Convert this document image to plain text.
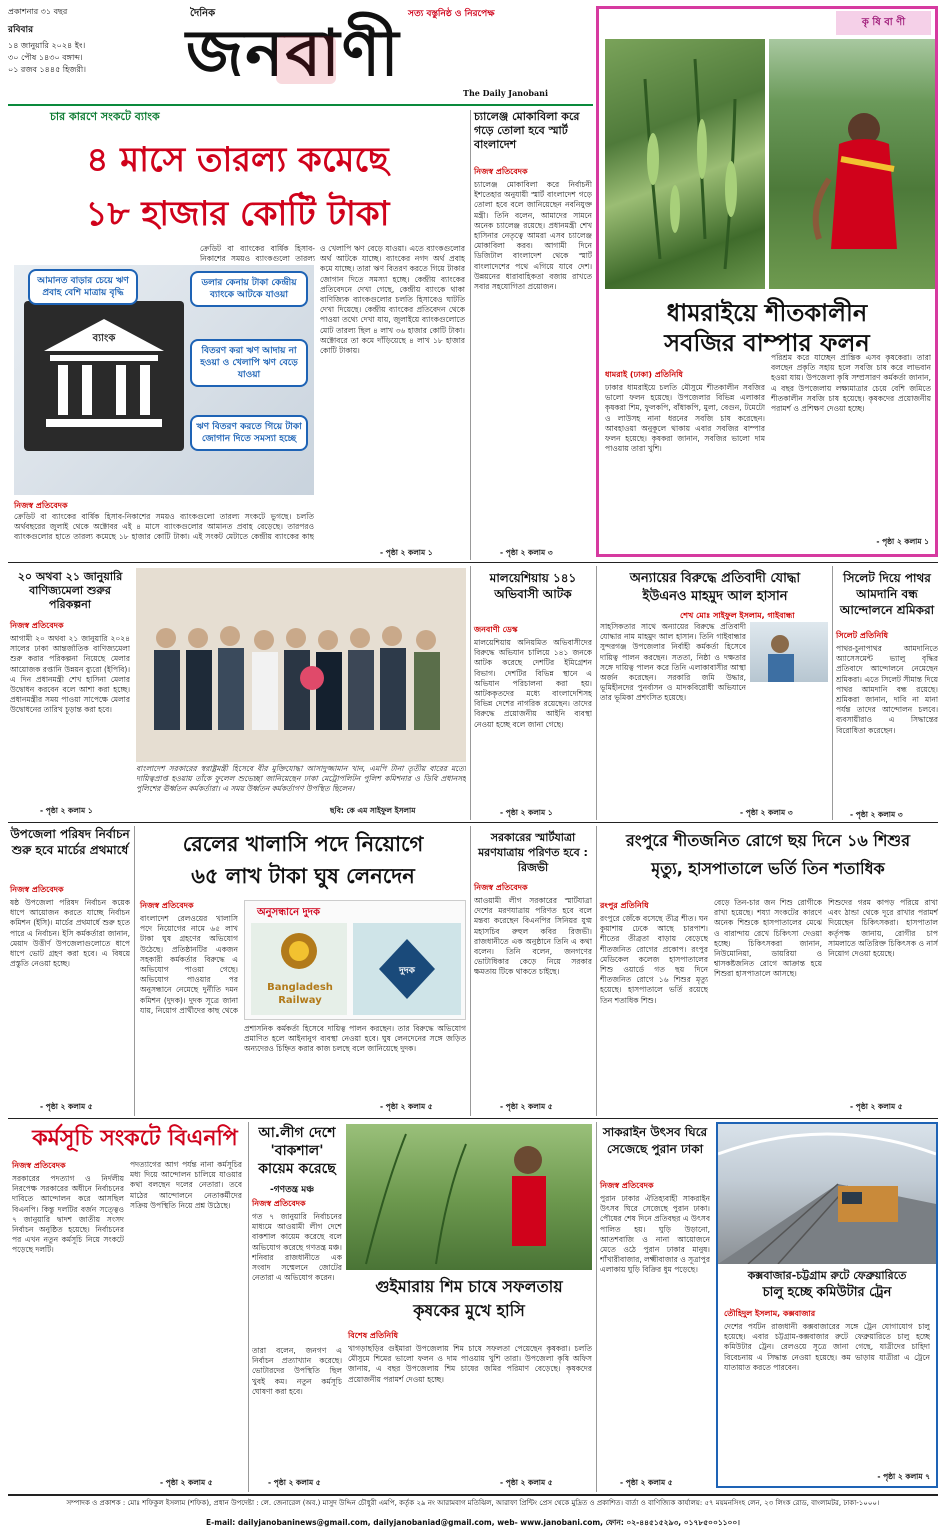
প্রকাশনার ৩১ বছর
রবিবার
১৪ জানুয়ারি ২০২৪ ইং।
৩০ পৌষ ১৪৩০ বঙ্গাব্দ।
০১ রজব ১৪৪৫ হিজরী।
দৈনিক
জনবাণী
সত্য বস্তুনিষ্ঠ ও নিরপেক্ষ
The Daily Janobani
কৃ ষি বা ণী
ধামরাইয়ে শীতকালীন
সবজির বাম্পার ফলন
ধামরাই (ঢাকা) প্রতিনিধি
ঢাকার ধামরাইয়ে চলতি মৌসুমে শীতকালীন সবজির ভালো ফলন হয়েছে। উপজেলার বিভিন্ন এলাকার কৃষকরা শিম, ফুলকপি, বাঁধাকপি, মুলা, বেগুন, টমেটো ও লাউসহ নানা ধরনের সবজি চাষ করেছেন। আবহাওয়া অনুকূলে থাকায় এবার সবজির বাম্পার ফলন হয়েছে। কৃষকরা জানান, সবজির ভালো দাম পাওয়ায় তারা খুশি।
পরিশ্রম করে যাচ্ছেন প্রান্তিক এসব কৃষকেরা। তারা বলছেন প্রকৃতি সহায় হলে সবজি চাষ করে লাভবান হওয়া যায়। উপজেলা কৃষি সম্প্রসারণ কর্মকর্তা জানান, এ বছর উপজেলায় লক্ষ্যমাত্রার চেয়ে বেশি জমিতে শীতকালীন সবজি চাষ হয়েছে। কৃষকদের প্রয়োজনীয় পরামর্শ ও প্রশিক্ষণ দেওয়া হচ্ছে।
- পৃষ্ঠা ২ কলাম ১
চার কারণে সংকটে ব্যাংক
৪ মাসে তারল্য কমেছে
১৮ হাজার কোটি টাকা
ব্যাংক
আমানত বাড়ার চেয়ে ঋণ প্রবাহ বেশি মাত্রায় বৃদ্ধি
ডলার কেনায় টাকা কেন্দ্রীয় ব্যাংকে আটকে যাওয়া
বিতরণ করা ঋণ আদায় না হওয়া ও খেলাপি ঋণ বেড়ে যাওয়া
ঋণ বিতরণ করতে গিয়ে টাকা জোগান দিতে সমস্যা হচ্ছে
ক্রেডিট বা ব্যাংকের বার্ষিক হিসাব-নিকাশের সময়ও ব্যাংকগুলো তারল্য
ও খেলাপি ঋণ বেড়ে যাওয়া। এতে ব্যাংকগুলোর অর্থ আটকে যাচ্ছে। ব্যাংকের নগদ অর্থ প্রবাহ কমে যাচ্ছে। তারা ঋণ বিতরণ করতে গিয়ে টাকার জোগান দিতে সমস্যা হচ্ছে। কেন্দ্রীয় ব্যাংকের প্রতিবেদনে দেখা গেছে, কেন্দ্রীয় ব্যাংকে থাকা বাণিজ্যিক ব্যাংকগুলোর চলতি হিসাবেও ঘাটতি দেখা দিয়েছে। কেন্দ্রীয় ব্যাংকের প্রতিবেদন থেকে পাওয়া তথ্যে দেখা যায়, জুলাইয়ে ব্যাংকগুলোতে মোট তারল্য ছিল ৪ লাখ ৩৬ হাজার কোটি টাকা। অক্টোবরে তা কমে দাঁড়িয়েছে ৪ লাখ ১৮ হাজার কোটি টাকায়।
নিজস্ব প্রতিবেদক
ক্রেডিট বা ব্যাংকের বার্ষিক হিসাব-নিকাশের সময়ও ব্যাংকগুলো তারল্য সংকটে ভুগছে। চলতি অর্থবছরের জুলাই থেকে অক্টোবর এই ৪ মাসে ব্যাংকগুলোর আমানত প্রবাহ বেড়েছে। তারপরও ব্যাংকগুলোর হাতে তারল্য কমেছে ১৮ হাজার কোটি টাকা। এই সংকট মেটাতে কেন্দ্রীয় ব্যাংকের কাছ
- পৃষ্ঠা ২ কলাম ১
চ্যালেঞ্জ মোকাবিলা করে গড়ে তোলা হবে স্মার্ট বাংলাদেশ
নিজস্ব প্রতিবেদক
চ্যালেঞ্জ মোকাবিলা করে নির্বাচনী ইশতেহার অনুযায়ী স্মার্ট বাংলাদেশ গড়ে তোলা হবে বলে জানিয়েছেন নবনিযুক্ত মন্ত্রী। তিনি বলেন, আমাদের সামনে অনেক চ্যালেঞ্জ রয়েছে। প্রধানমন্ত্রী শেখ হাসিনার নেতৃত্বে আমরা এসব চ্যালেঞ্জ মোকাবিলা করব। আগামী দিনে ডিজিটাল বাংলাদেশ থেকে স্মার্ট বাংলাদেশের পথে এগিয়ে যাবে দেশ। উন্নয়নের ধারাবাহিকতা বজায় রাখতে সবার সহযোগিতা প্রয়োজন।
- পৃষ্ঠা ২ কলাম ৩
২০ অথবা ২১ জানুয়ারি বাণিজ্যমেলা শুরুর পরিকল্পনা
নিজস্ব প্রতিবেদক
আগামী ২০ অথবা ২১ জানুয়ারি ২০২৪ সালের ঢাকা আন্তর্জাতিক বাণিজ্যমেলা শুরু করার পরিকল্পনা নিয়েছে মেলার আয়োজক রপ্তানি উন্নয়ন ব্যুরো (ইপিবি)। এ দিন প্রধানমন্ত্রী শেখ হাসিনা মেলার উদ্বোধন করবেন বলে আশা করা হচ্ছে। প্রধানমন্ত্রীর সময় পাওয়া সাপেক্ষে মেলার উদ্বোধনের তারিখ চূড়ান্ত করা হবে।
- পৃষ্ঠা ২ কলাম ১
বাংলাদেশ সরকারের স্বরাষ্ট্রমন্ত্রী হিসেবে বীর মুক্তিযোদ্ধা আসাদুজ্জামান খান, এমপি টানা তৃতীয় বারের মতো দায়িত্বপ্রাপ্ত হওয়ায় তাঁকে ফুলেল শুভেচ্ছা জানিয়েছেন ঢাকা মেট্রোপলিটন পুলিশ কমিশনার ও ডিবি প্রধানসহ পুলিশের ঊর্ধ্বতন কর্মকর্তারা। এ সময় উর্ধ্বতন কর্মকর্তাগণ উপস্থিত ছিলেন।
ছবি: কে এম সাইফুল ইসলাম
মালয়েশিয়ায় ১৪১ অভিবাসী আটক
জনবাণী ডেস্ক
মালয়েশিয়ায় অনিয়মিত অভিবাসীদের বিরুদ্ধে অভিযান চালিয়ে ১৪১ জনকে আটক করেছে দেশটির ইমিগ্রেশন বিভাগ। দেশটির বিভিন্ন স্থানে এ অভিযান পরিচালনা করা হয়। আটককৃতদের মধ্যে বাংলাদেশিসহ বিভিন্ন দেশের নাগরিক রয়েছেন। তাদের বিরুদ্ধে প্রয়োজনীয় আইনি ব্যবস্থা নেওয়া হচ্ছে বলে জানা গেছে।
- পৃষ্ঠা ২ কলাম ১
অন্যায়ের বিরুদ্ধে প্রতিবাদী যোদ্ধা
ইউএনও মাহমুদ আল হাসান
শেখ মোঃ সাইফুল ইসলাম, গাইবান্ধা
সাহসিকতার সাথে অন্যায়ের বিরুদ্ধে প্রতিবাদী যোদ্ধার নাম মাহমুদ আল হাসান। তিনি গাইবান্ধার সুন্দরগঞ্জ উপজেলার নির্বাহী কর্মকর্তা হিসেবে দায়িত্ব পালন করছেন। সততা, নিষ্ঠা ও দক্ষতার সঙ্গে দায়িত্ব পালন করে তিনি এলাকাবাসীর আস্থা অর্জন করেছেন। সরকারি জমি উদ্ধার, ভূমিহীনদের পুনর্বাসন ও মাদকবিরোধী অভিযানে তার ভূমিকা প্রশংসিত হয়েছে।
- পৃষ্ঠা ২ কলাম ৩
সিলেট দিয়ে পাথর আমদানি বন্ধ আন্দোলনে শ্রমিকরা
সিলেট প্রতিনিধি
পাথর-চুনাপাথর আমদানিতে অ্যাসেসমেন্ট ভ্যালু বৃদ্ধির প্রতিবাদে আন্দোলনে নেমেছেন শ্রমিকরা। এতে সিলেট সীমান্ত দিয়ে পাথর আমদানি বন্ধ রয়েছে। শ্রমিকরা জানান, দাবি না মানা পর্যন্ত তাদের আন্দোলন চলবে। ব্যবসায়ীরাও এ সিদ্ধান্তের বিরোধিতা করেছেন।
- পৃষ্ঠা ২ কলাম ৩
উপজেলা পরিষদ নির্বাচন শুরু হবে মার্চের প্রথমার্ধে
নিজস্ব প্রতিবেদক
ষষ্ঠ উপজেলা পরিষদ নির্বাচন কয়েক ধাপে আয়োজন করতে যাচ্ছে নির্বাচন কমিশন (ইসি)। মার্চের প্রথমার্ধে শুরু হতে পারে এ নির্বাচন। ইসি কর্মকর্তারা জানান, মেয়াদ উত্তীর্ণ উপজেলাগুলোতে ধাপে ধাপে ভোট গ্রহণ করা হবে। এ বিষয়ে প্রস্তুতি নেওয়া হচ্ছে।
- পৃষ্ঠা ২ কলাম ৫
রেলের খালাসি পদে নিয়োগে
৬৫ লাখ টাকা ঘুষ লেনদেন
নিজস্ব প্রতিবেদক
বাংলাদেশ রেলওয়ের খালাসি পদে নিয়োগের নামে ৬৫ লাখ টাকা ঘুষ গ্রহণের অভিযোগ উঠেছে। প্রতিষ্ঠানটির একজন সহকারী কর্মকর্তার বিরুদ্ধে এ অভিযোগ পাওয়া গেছে। অভিযোগ পাওয়ার পর অনুসন্ধানে নেমেছে দুর্নীতি দমন কমিশন (দুদক)। দুদক সূত্রে জানা যায়, নিয়োগ প্রার্থীদের কাছ থেকে
অনুসন্ধানে দুদক
Bangladesh Railway
দুদক
প্রশাসনিক কর্মকর্তা হিসেবে দায়িত্ব পালন করছেন। তার বিরুদ্ধে অভিযোগ প্রমাণিত হলে আইনানুগ ব্যবস্থা নেওয়া হবে। ঘুষ লেনদেনের সঙ্গে জড়িত অন্যদেরও চিহ্নিত করার কাজ চলছে বলে জানিয়েছে দুদক।
- পৃষ্ঠা ২ কলাম ৫
সরকারের স্মার্টযাত্রা মরণযাত্রায় পরিণত হবে : রিজভী
নিজস্ব প্রতিবেদক
আওয়ামী লীগ সরকারের স্মার্টযাত্রা দেশের মরণযাত্রায় পরিণত হবে বলে মন্তব্য করেছেন বিএনপির সিনিয়র যুগ্ম মহাসচিব রুহুল কবির রিজভী। রাজধানীতে এক অনুষ্ঠানে তিনি এ কথা বলেন। তিনি বলেন, জনগণের ভোটাধিকার কেড়ে নিয়ে সরকার ক্ষমতায় টিকে থাকতে চাইছে।
- পৃষ্ঠা ২ কলাম ৫
রংপুরে শীতজনিত রোগে ছয় দিনে ১৬ শিশুর
মৃত্যু, হাসপাতালে ভর্তি তিন শতাধিক
রংপুর প্রতিনিধি
রংপুরে জেঁকে বসেছে তীব্র শীত। ঘন কুয়াশায় ঢেকে আছে চারপাশ। শীতের তীব্রতা বাড়ায় বেড়েছে শীতজনিত রোগের প্রকোপ। রংপুর মেডিকেল কলেজ হাসপাতালের শিশু ওয়ার্ডে গত ছয় দিনে শীতজনিত রোগে ১৬ শিশুর মৃত্যু হয়েছে। হাসপাতালে ভর্তি রয়েছে তিন শতাধিক শিশু।
বেড়ে তিন-চার জন শিশু রোগীকে রাখা হয়েছে। শয্যা সংকটের কারণে অনেক শিশুকে হাসপাতালের মেঝে ও বারান্দায় রেখে চিকিৎসা দেওয়া হচ্ছে। চিকিৎসকরা জানান, নিউমোনিয়া, ডায়রিয়া ও শ্বাসকষ্টজনিত রোগে আক্রান্ত হয়ে শিশুরা হাসপাতালে আসছে।
শিশুদের গরম কাপড় পরিয়ে রাখা এবং ঠান্ডা থেকে দূরে রাখার পরামর্শ দিয়েছেন চিকিৎসকরা। হাসপাতাল কর্তৃপক্ষ জানায়, রোগীর চাপ সামলাতে অতিরিক্ত চিকিৎসক ও নার্স নিয়োগ দেওয়া হয়েছে।
- পৃষ্ঠা ২ কলাম ৫
কর্মসূচি সংকটে বিএনপি
নিজস্ব প্রতিবেদক
সরকারের পদত্যাগ ও নির্দলীয় নিরপেক্ষ সরকারের অধীনে নির্বাচনের দাবিতে আন্দোলন করে আসছিল বিএনপি। কিন্তু দলটির বর্জন সত্ত্বেও ৭ জানুয়ারি দ্বাদশ জাতীয় সংসদ নির্বাচন অনুষ্ঠিত হয়েছে। নির্বাচনের পর এখন নতুন কর্মসূচি নিয়ে সংকটে পড়েছে দলটি।
পদত্যাগের আগ পর্যন্ত নানা কর্মসূচির মধ্য দিয়ে আন্দোলন চালিয়ে যাওয়ার কথা বলছেন দলের নেতারা। তবে মাঠের আন্দোলনে নেতাকর্মীদের সক্রিয় উপস্থিতি নিয়ে প্রশ্ন উঠেছে।
- পৃষ্ঠা ২ কলাম ৫
আ.লীগ দেশে
'বাকশাল'
কায়েম করেছে
-গণতন্ত্র মঞ্চ
নিজস্ব প্রতিবেদক
গুইমারায় শিম চাষে সফলতায়
কৃষকের মুখে হাসি
বিশেষ প্রতিনিধি
গত ৭ জানুয়ারি নির্বাচনের মাধ্যমে আওয়ামী লীগ দেশে বাকশাল কায়েম করেছে বলে অভিযোগ করেছে গণতন্ত্র মঞ্চ। শনিবার রাজধানীতে এক সংবাদ সম্মেলনে জোটের নেতারা এ অভিযোগ করেন।
তারা বলেন, জনগণ এ নির্বাচন প্রত্যাখ্যান করেছে। ভোটারদের উপস্থিতি ছিল খুবই কম। নতুন কর্মসূচি ঘোষণা করা হবে।
- পৃষ্ঠা ২ কলাম ৫
খাগড়াছড়ির গুইমারা উপজেলায় শিম চাষে সফলতা পেয়েছেন কৃষকরা। চলতি মৌসুমে শিমের ভালো ফলন ও দাম পাওয়ায় খুশি তারা। উপজেলা কৃষি অফিস জানায়, এ বছর উপজেলায় শিম চাষের জমির পরিমাণ বেড়েছে। কৃষকদের প্রয়োজনীয় পরামর্শ দেওয়া হচ্ছে।
- পৃষ্ঠা ২ কলাম ৫
সাকরাইন উৎসব ঘিরে সেজেছে পুরান ঢাকা
নিজস্ব প্রতিবেদক
পুরান ঢাকার ঐতিহ্যবাহী সাকরাইন উৎসব ঘিরে সেজেছে পুরান ঢাকা। পৌষের শেষ দিনে প্রতিবছর এ উৎসব পালিত হয়। ঘুড়ি উড়ানো, আতশবাজি ও নানা আয়োজনে মেতে ওঠে পুরান ঢাকার মানুষ। শাঁখারীবাজার, লক্ষ্মীবাজার ও সূত্রাপুর এলাকায় ঘুড়ি বিক্রির ধুম পড়েছে।
- পৃষ্ঠা ২ কলাম ৫
কক্সবাজার-চট্টগ্রাম রুটে ফেব্রুয়ারিতে
চালু হচ্ছে কমিউটার ট্রেন
তৌহিদুল ইসলাম, কক্সবাজার
দেশের পর্যটন রাজধানী কক্সবাজারের সঙ্গে ট্রেন যোগাযোগ চালু হয়েছে। এবার চট্টগ্রাম-কক্সবাজার রুটে ফেব্রুয়ারিতে চালু হচ্ছে কমিউটার ট্রেন। রেলওয়ে সূত্রে জানা গেছে, যাত্রীদের চাহিদা বিবেচনায় এ সিদ্ধান্ত নেওয়া হয়েছে। কম ভাড়ায় যাত্রীরা এ ট্রেনে যাতায়াত করতে পারবেন।
- পৃষ্ঠা ২ কলাম ৭
সম্পাদক ও প্রকাশক : মোঃ শফিকুল ইসলাম (শফিক), প্রধান উপদেষ্টা : লে. জেনারেল (অব.) মাসুদ উদ্দিন চৌধুরী এমপি, কর্তৃক ২৯ নং আরামবাগ মতিঝিল, আরাফা প্রিন্টিং প্রেস থেকে মুদ্রিত ও প্রকাশিত। বার্তা ও বাণিজ্যিক কার্যালয়: ৫৭ ময়মনসিংহ লেন, ২৩ লিংক রোড, বাংলামটর, ঢাকা-১০০০।
E-mail: dailyjanobaninews@gmail.com, dailyjanobaniad@gmail.com, web- www.janobani.com, ফোন: ০২-৪৪৫১৫২৯৩, ০১৭৮৫০০১১০০।
